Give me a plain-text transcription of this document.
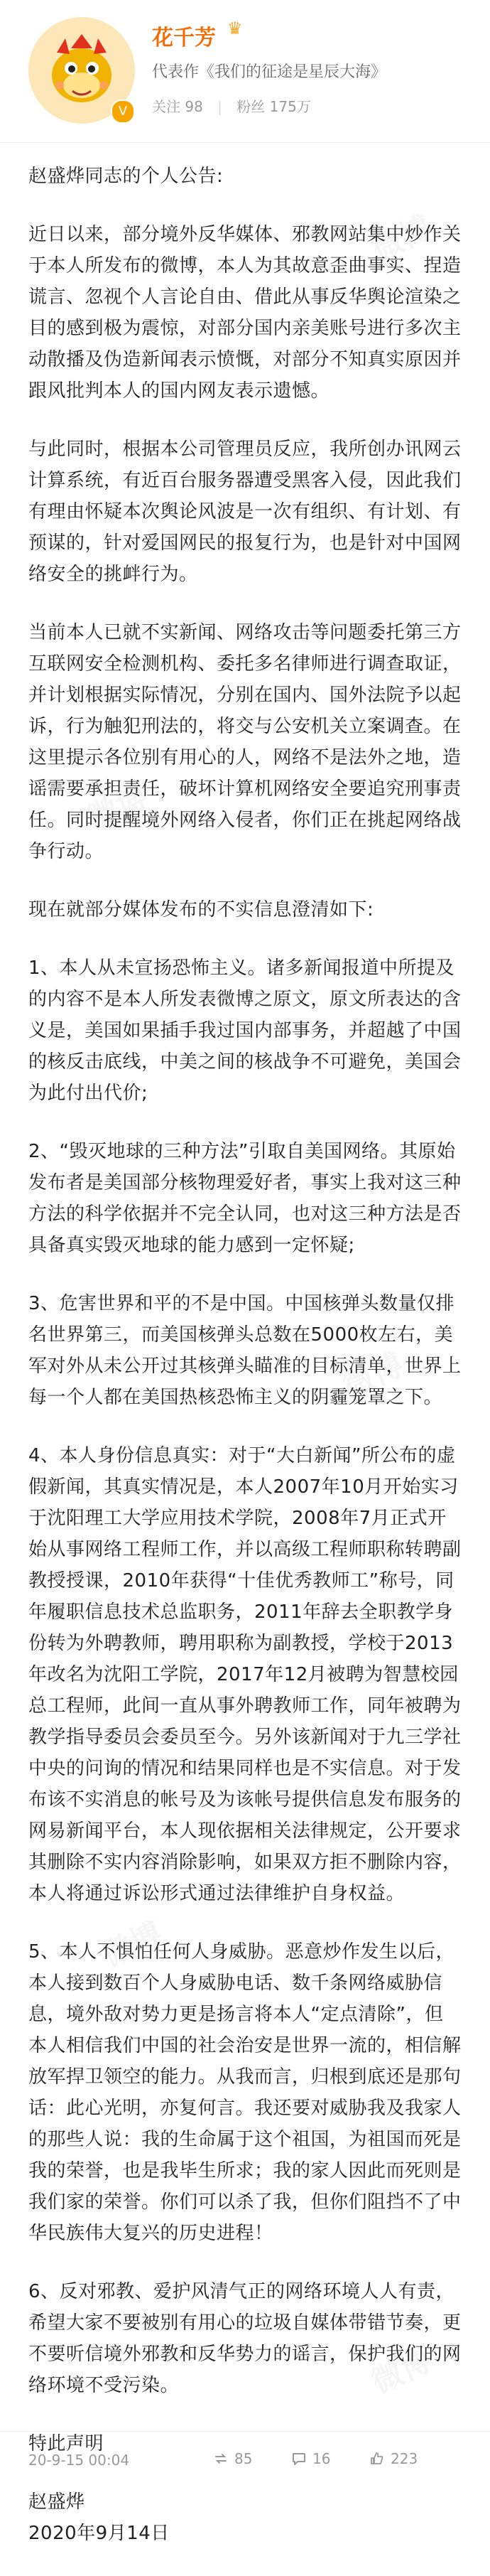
V
花千芳 ♛
代表作《我们的征途是星辰大海》
关注 98 | 粉丝 175万

赵盛烨同志的个人公告:

近日以来，部分境外反华媒体、邪教网站集中炒作关于本人所发布的微博，本人为其故意歪曲事实、捏造谎言、忽视个人言论自由、借此从事反华舆论渲染之目的感到极为震惊，对部分国内亲美账号进行多次主动散播及伪造新闻表示愤慨，对部分不知真实原因并跟风批判本人的国内网友表示遗憾。

与此同时，根据本公司管理员反应，我所创办讯网云计算系统，有近百台服务器遭受黑客入侵，因此我们有理由怀疑本次舆论风波是一次有组织、有计划、有预谋的，针对爱国网民的报复行为，也是针对中国网络安全的挑衅行为。

当前本人已就不实新闻、网络攻击等问题委托第三方互联网安全检测机构、委托多名律师进行调查取证，并计划根据实际情况，分别在国内、国外法院予以起诉，行为触犯刑法的，将交与公安机关立案调查。在这里提示各位别有用心的人，网络不是法外之地，造谣需要承担责任，破坏计算机网络安全要追究刑事责任。同时提醒境外网络入侵者，你们正在挑起网络战争行动。

现在就部分媒体发布的不实信息澄清如下:

1、本人从未宣扬恐怖主义。诸多新闻报道中所提及的内容不是本人所发表微博之原文，原文所表达的含义是，美国如果插手我过国内部事务，并超越了中国的核反击底线，中美之间的核战争不可避免，美国会为此付出代价;

2、“毁灭地球的三种方法”引取自美国网络。其原始发布者是美国部分核物理爱好者，事实上我对这三种方法的科学依据并不完全认同，也对这三种方法是否具备真实毁灭地球的能力感到一定怀疑;

3、危害世界和平的不是中国。中国核弹头数量仅排名世界第三，而美国核弹头总数在5000枚左右，美军对外从未公开过其核弹头瞄准的目标清单，世界上每一个人都在美国热核恐怖主义的阴霾笼罩之下。

4、本人身份信息真实：对于“大白新闻”所公布的虚假新闻，其真实情况是，本人2007年10月开始实习于沈阳理工大学应用技术学院，2008年7月正式开始从事网络工程师工作，并以高级工程师职称转聘副教授授课，2010年获得“十佳优秀教师工”称号，同年履职信息技术总监职务，2011年辞去全职教学身份转为外聘教师，聘用职称为副教授，学校于2013年改名为沈阳工学院，2017年12月被聘为智慧校园总工程师，此间一直从事外聘教师工作，同年被聘为教学指导委员会委员至今。另外该新闻对于九三学社中央的问询的情况和结果同样也是不实信息。对于发布该不实消息的帐号及为该帐号提供信息发布服务的网易新闻平台，本人现依据相关法律规定，公开要求其删除不实内容消除影响，如果双方拒不删除内容，本人将通过诉讼形式通过法律维护自身权益。

5、本人不惧怕任何人身威胁。恶意炒作发生以后，本人接到数百个人身威胁电话、数千条网络威胁信息，境外敌对势力更是扬言将本人“定点清除”，但本人相信我们中国的社会治安是世界一流的，相信解放军捍卫领空的能力。从我而言，归根到底还是那句话：此心光明，亦复何言。我还要对威胁我及我家人的那些人说：我的生命属于这个祖国，为祖国而死是我的荣誉，也是我毕生所求；我的家人因此而死则是我们家的荣誉。你们可以杀了我，但你们阻挡不了中华民族伟大复兴的历史进程！

6、反对邪教、爱护风清气正的网络环境人人有责，希望大家不要被别有用心的垃圾自媒体带错节奏，更不要听信境外邪教和反华势力的谣言，保护我们的网络环境不受污染。

特此声明

赵盛烨
2020年9月14日

20-9-15 00:04	85	16	223
